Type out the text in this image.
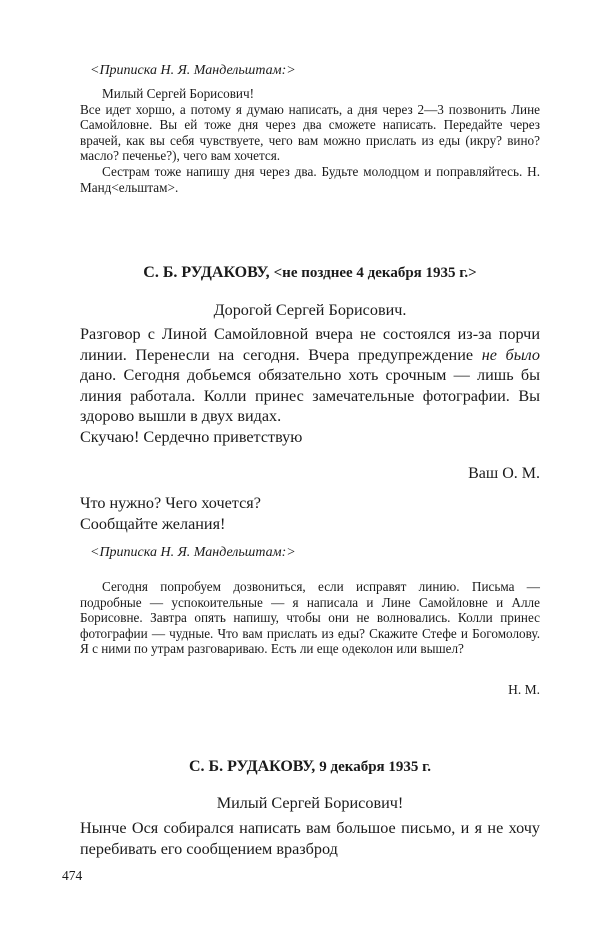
<Приписка Н. Я. Мандельштам:>

Милый Сергей Борисович!

Все идет хоршо, а потому я думаю написать, а дня через 2—3 позвонить Лине Самойловне. Вы ей тоже дня через два сможете написать. Передайте через врачей, как вы себя чувствуете, чего вам можно прислать из еды (икру? вино? масло? печенье?), чего вам хочется.

Сестрам тоже напишу дня через два. Будьте молодцом и поправляйтесь. Н. Манд<ельштам>.

С. Б. РУДАКОВУ, <не позднее 4 декабря 1935 г.>
Дорогой Сергей Борисович.

Разговор с Линой Самойловной вчера не состоялся из-за порчи линии. Перенесли на сегодня. Вчера предупреждение не было дано. Сегодня добьемся обязательно хоть срочным — лишь бы линия работала. Колли принес замечательные фотографии. Вы здорово вышли в двух видах.

Скучаю! Сердечно приветствую

Ваш О. М.

Что нужно? Чего хочется?

Сообщайте желания!

<Приписка Н. Я. Мандельштам:>

Сегодня попробуем дозвониться, если исправят линию. Письма — подробные — успокоительные — я написала и Лине Самойловне и Алле Борисовне. Завтра опять напишу, чтобы они не волновались. Колли принес фотографии — чудные. Что вам прислать из еды? Скажите Стефе и Богомолову. Я с ними по утрам разговариваю. Есть ли еще одеколон или вышел?

Н. М.
С. Б. РУДАКОВУ, 9 декабря 1935 г.
Милый Сергей Борисович!

Нынче Ося собирался написать вам большое письмо, и я не хочу перебивать его сообщением вразброд

474
